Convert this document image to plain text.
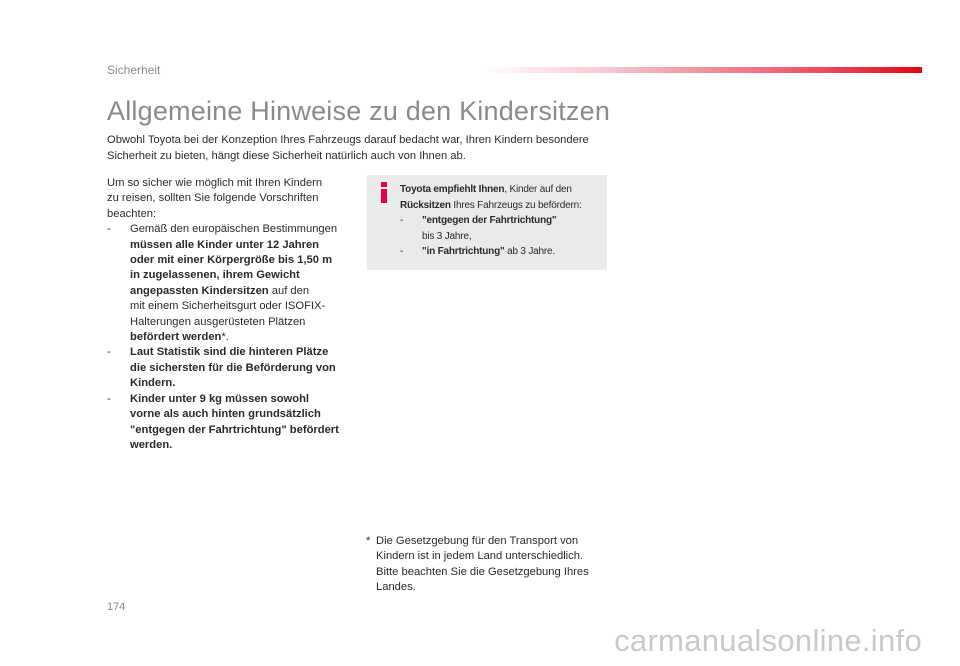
Sicherheit
Allgemeine Hinweise zu den Kindersitzen

Obwohl Toyota bei der Konzeption Ihres Fahrzeugs darauf bedacht war, Ihren Kindern besondere Sicherheit zu bieten, hängt diese Sicherheit natürlich auch von Ihnen ab.

Um so sicher wie möglich mit Ihren Kindern
zu reisen, sollten Sie folgende Vorschriften
beachten:

-	Gemäß den europäischen Bestimmungen
müssen alle Kinder unter 12 Jahren
oder mit einer Körpergröße bis 1,50 m
in zugelassenen, ihrem Gewicht
angepassten Kindersitzen auf den
mit einem Sicherheitsgurt oder ISOFIX-
Halterungen ausgerüsteten Plätzen
befördert werden*.
-	Laut Statistik sind die hinteren Plätze
die sichersten für die Beförderung von
Kindern.
-	Kinder unter 9 kg müssen sowohl
vorne als auch hinten grundsätzlich
"entgegen der Fahrtrichtung" befördert
werden.

Toyota empfiehlt Ihnen, Kinder auf den
Rücksitzen Ihres Fahrzeugs zu befördern:

-	"entgegen der Fahrtrichtung"
bis 3 Jahre,
-	"in Fahrtrichtung" ab 3 Jahre.
* Die Gesetzgebung für den Transport von
Kindern ist in jedem Land unterschiedlich.
Bitte beachten Sie die Gesetzgebung Ihres
Landes.
174
carmanualsonline.info
